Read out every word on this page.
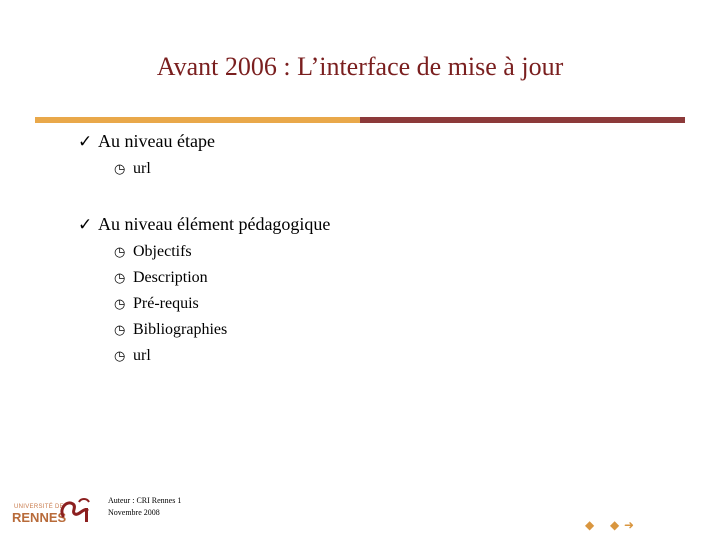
Avant 2006 : L’interface de mise à jour
✓ Au niveau étape
◷ url
✓ Au niveau élément pédagogique
◷ Objectifs
◷ Description
◷ Pré-requis
◷ Bibliographies
◷ url
UNIVERSITÉ DE
RENNES
Auteur : CRI Rennes 1
Novembre 2008
◆ ◆ ➜
